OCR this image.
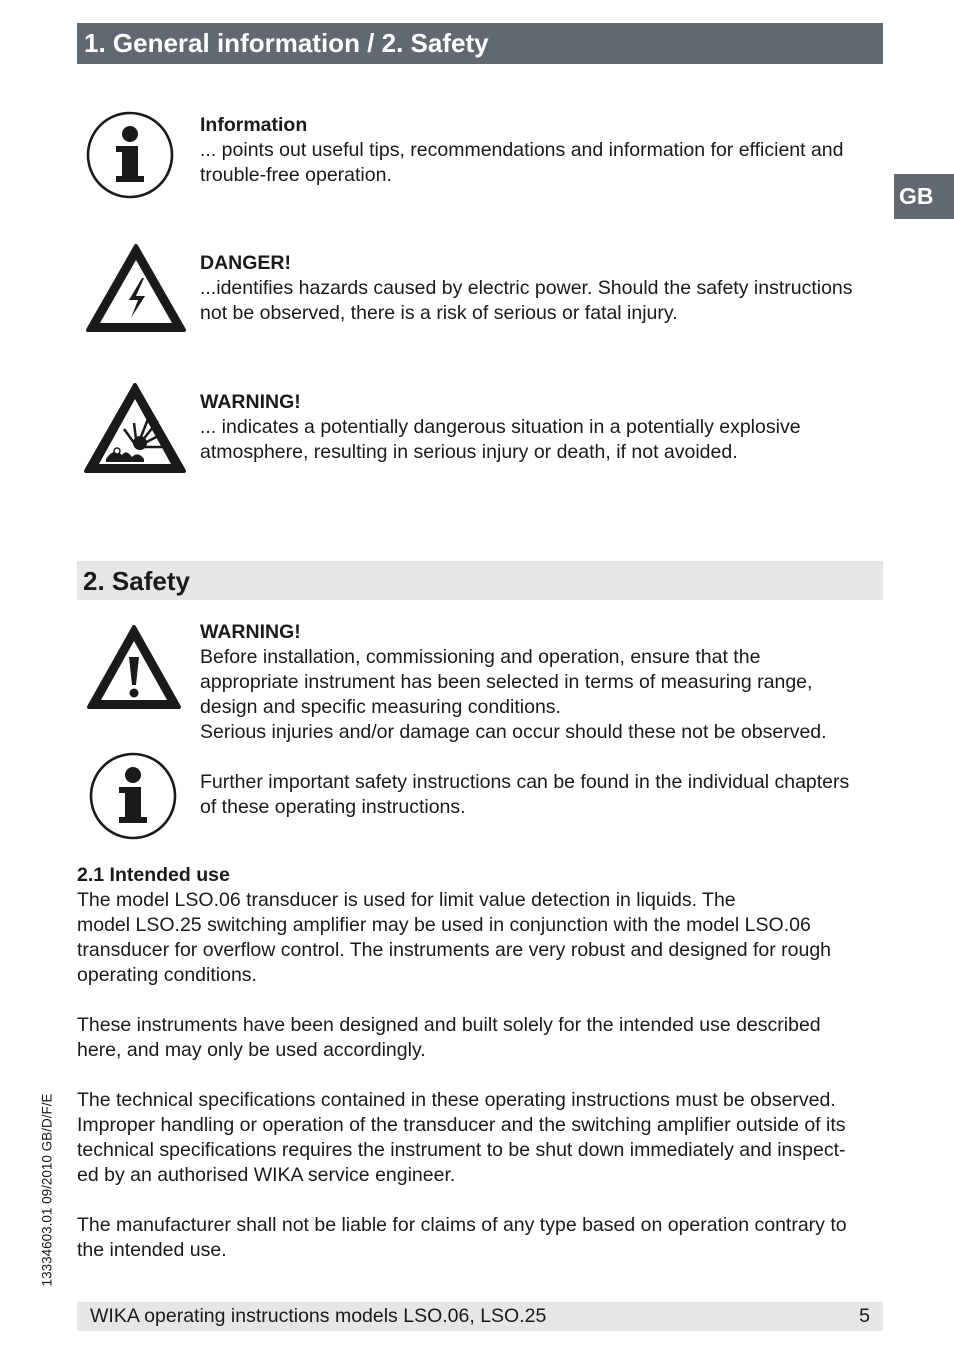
1. General information / 2. Safety
GB
Information
... points out useful tips, recommendations and information for efficient and
trouble-free operation.
DANGER!
...identifies hazards caused by electric power. Should the safety instructions
not be observed, there is a risk of serious or fatal injury.
WARNING!
... indicates a potentially dangerous situation in a potentially explosive
atmosphere, resulting in serious injury or death, if not avoided.
2. Safety
WARNING!
Before installation, commissioning and operation, ensure that the
appropriate instrument has been selected in terms of measuring range,
design and specific measuring conditions.
Serious injuries and/or damage can occur should these not be observed.
Further important safety instructions can be found in the individual chapters
of these operating instructions.
2.1 Intended use

The model LSO.06 transducer is used for limit value detection in liquids. The
model LSO.25 switching amplifier may be used in conjunction with the model LSO.06
transducer for overflow control. The instruments are very robust and designed for rough
operating conditions.

These instruments have been designed and built solely for the intended use described
here, and may only be used accordingly.

The technical specifications contained in these operating instructions must be observed.
Improper handling or operation of the transducer and the switching amplifier outside of its
technical specifications requires the instrument to be shut down immediately and inspect-
ed by an authorised WIKA service engineer.

The manufacturer shall not be liable for claims of any type based on operation contrary to
the intended use.

13334603.01 09/2010 GB/D/F/E
WIKA operating instructions models LSO.06, LSO.25	5
